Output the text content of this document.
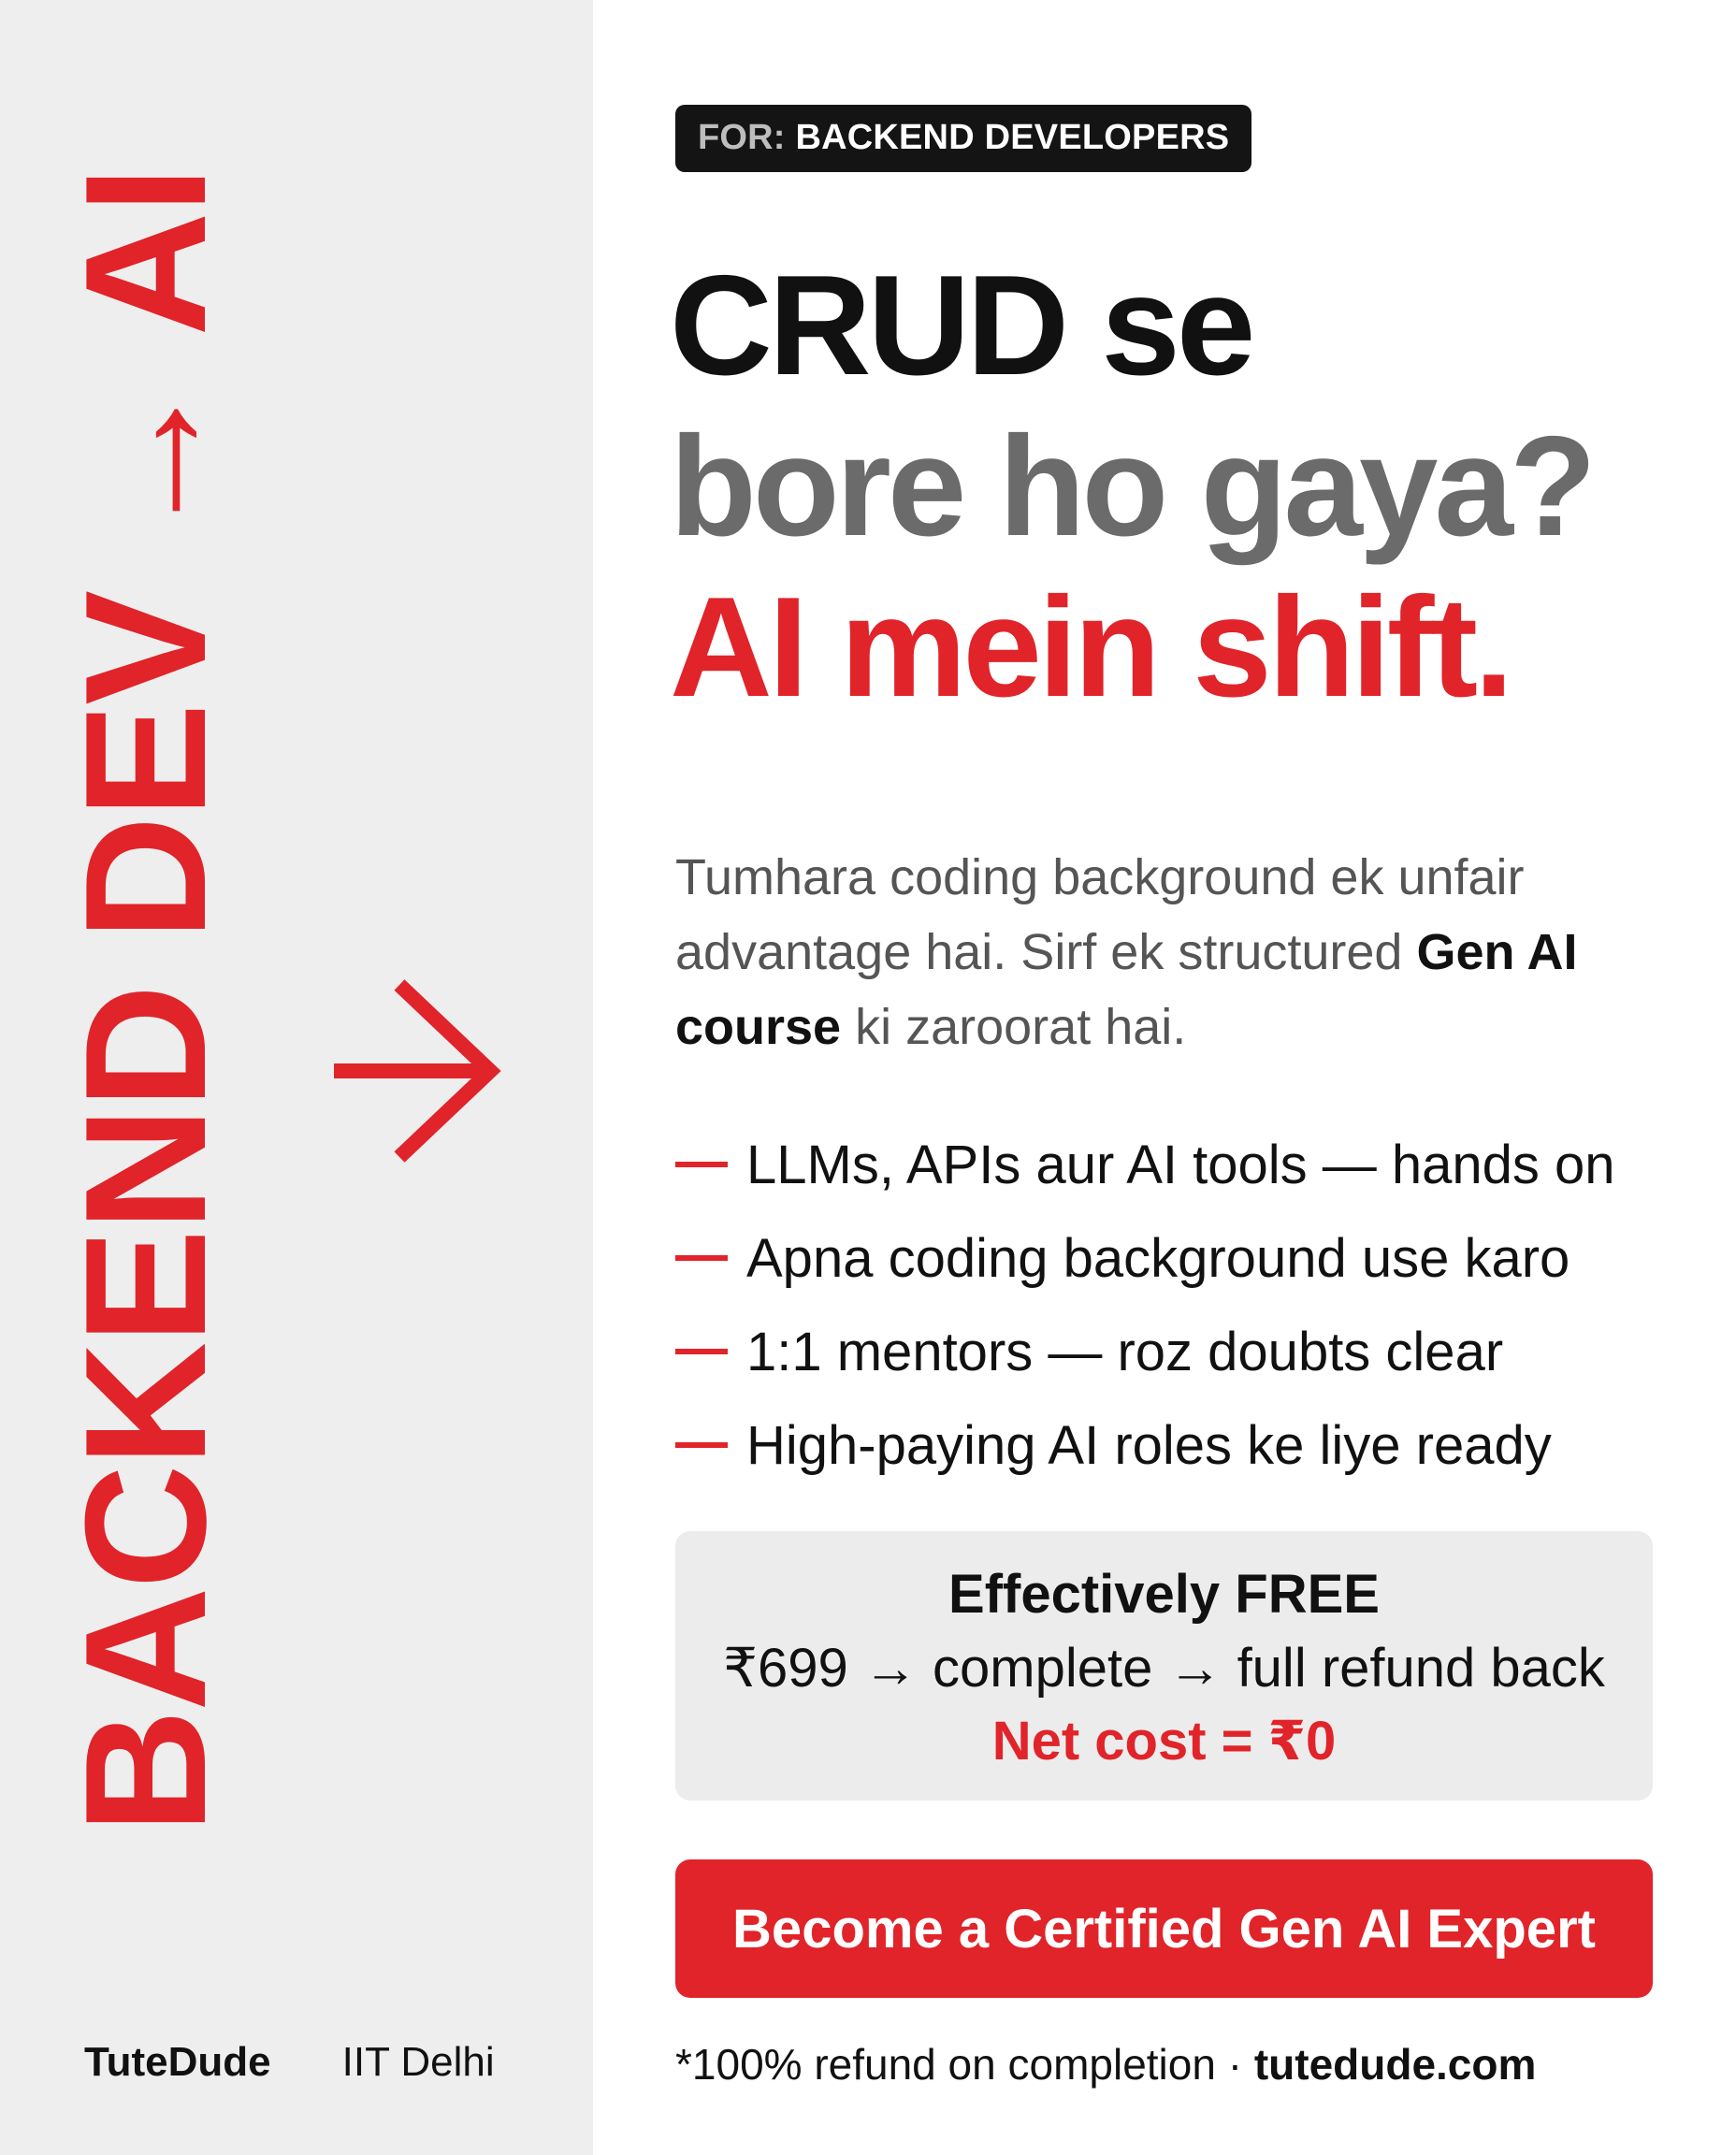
BACKEND DEV → AI
TuteDude IIT Delhi
FOR: BACKEND DEVELOPERS
CRUD se
bore ho gaya?
AI mein shift.

Tumhara coding background ek unfair advantage hai. Sirf ek structured Gen AI course ki zaroorat hai.

LLMs, APIs aur AI tools — hands on
Apna coding background use karo
1:1 mentors — roz doubts clear
High-paying AI roles ke liye ready
Effectively FREE
₹699 → complete → full refund back
Net cost = ₹0
Become a Certified Gen AI Expert
*100% refund on completion · tutedude.com
